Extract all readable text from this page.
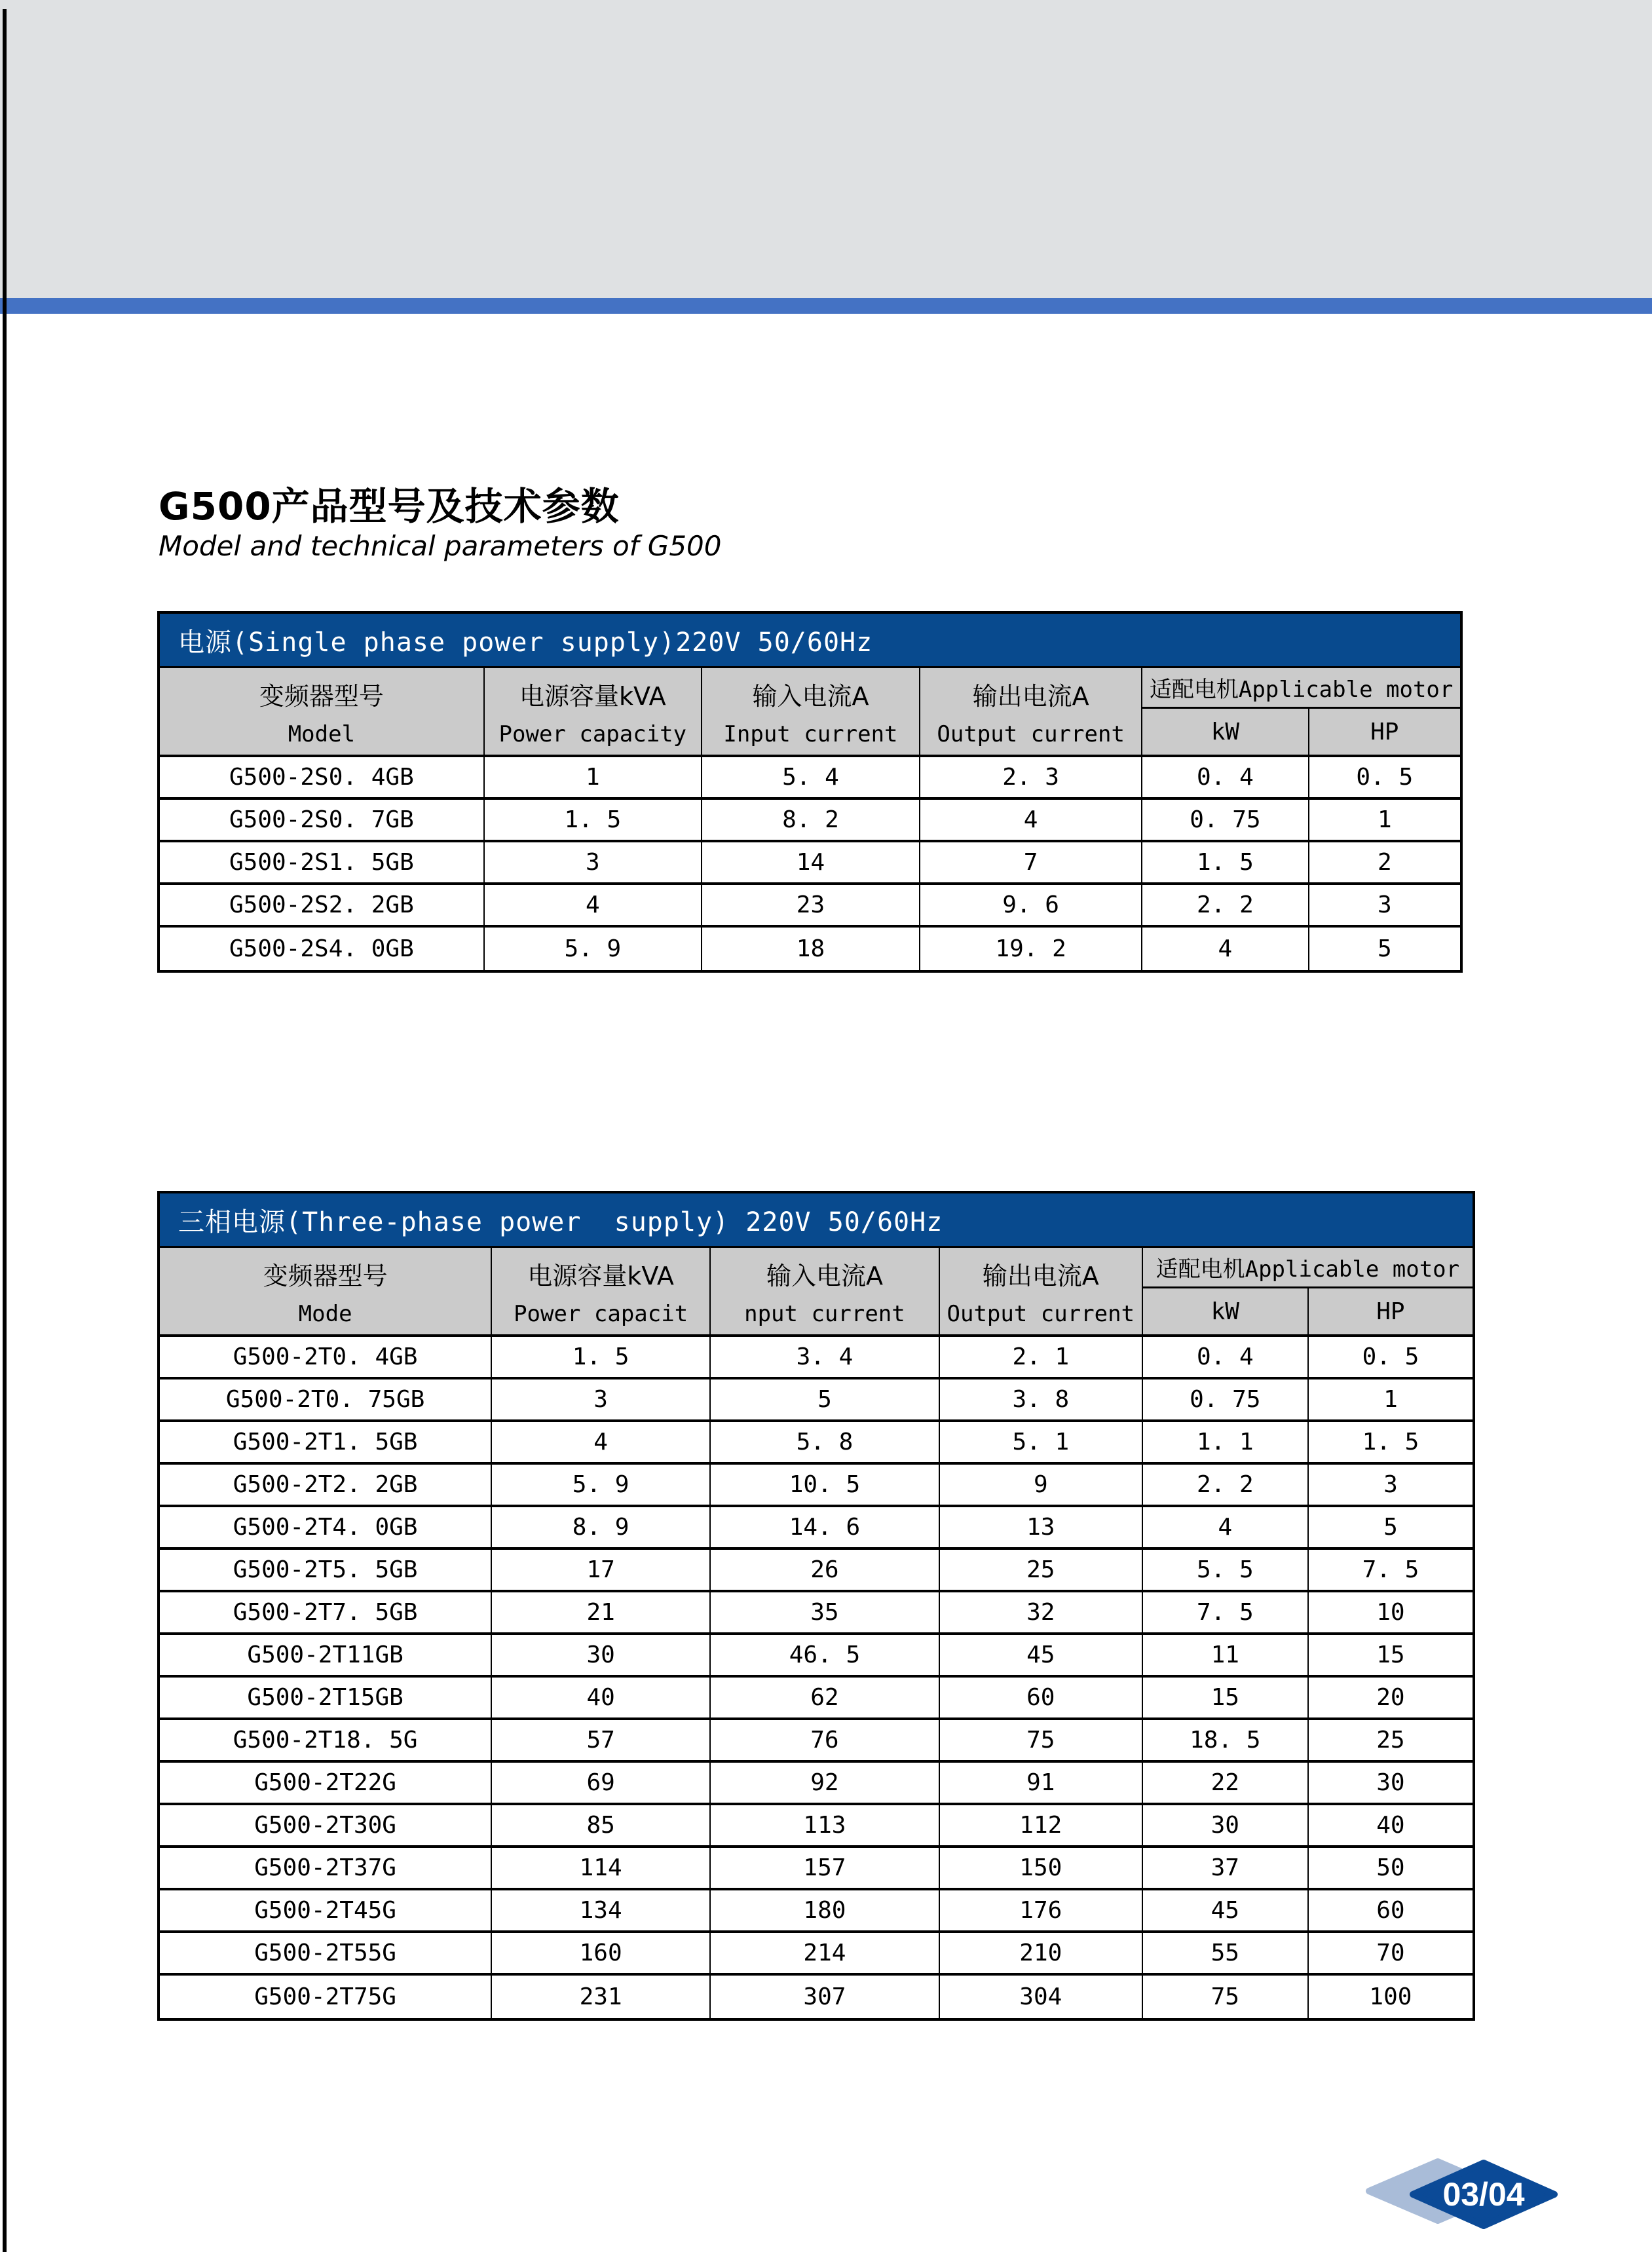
G500产品型号及技术参数
Model and technical parameters of G500
电源(Single phase power supply)220V 50/60Hz
变频器型号
Model
电源容量kVA
Power capacity
输入电流A
Input current
输出电流A
Output current
适配电机Applicable motor
kW	HP
G500-2S0. 4GB	1	5. 4	2. 3	0. 4	0. 5
G500-2S0. 7GB	1. 5	8. 2	4	0. 75	1
G500-2S1. 5GB	3	14	7	1. 5	2
G500-2S2. 2GB	4	23	9. 6	2. 2	3
G500-2S4. 0GB	5. 9	18	19. 2	4	5
三相电源(Three-phase power  supply) 220V 50/60Hz
变频器型号
Mode
电源容量kVA
Power capacit
输入电流A
nput current
输出电流A
Output current
适配电机Applicable motor
kW	HP
G500-2T0. 4GB	1. 5	3. 4	2. 1	0. 4	0. 5
G500-2T0. 75GB	3	5	3. 8	0. 75	1
G500-2T1. 5GB	4	5. 8	5. 1	1. 1	1. 5
G500-2T2. 2GB	5. 9	10. 5	9	2. 2	3
G500-2T4. 0GB	8. 9	14. 6	13	4	5
G500-2T5. 5GB	17	26	25	5. 5	7. 5
G500-2T7. 5GB	21	35	32	7. 5	10
G500-2T11GB	30	46. 5	45	11	15
G500-2T15GB	40	62	60	15	20
G500-2T18. 5G	57	76	75	18. 5	25
G500-2T22G	69	92	91	22	30
G500-2T30G	85	113	112	30	40
G500-2T37G	114	157	150	37	50
G500-2T45G	134	180	176	45	60
G500-2T55G	160	214	210	55	70
G500-2T75G	231	307	304	75	100
03/04
